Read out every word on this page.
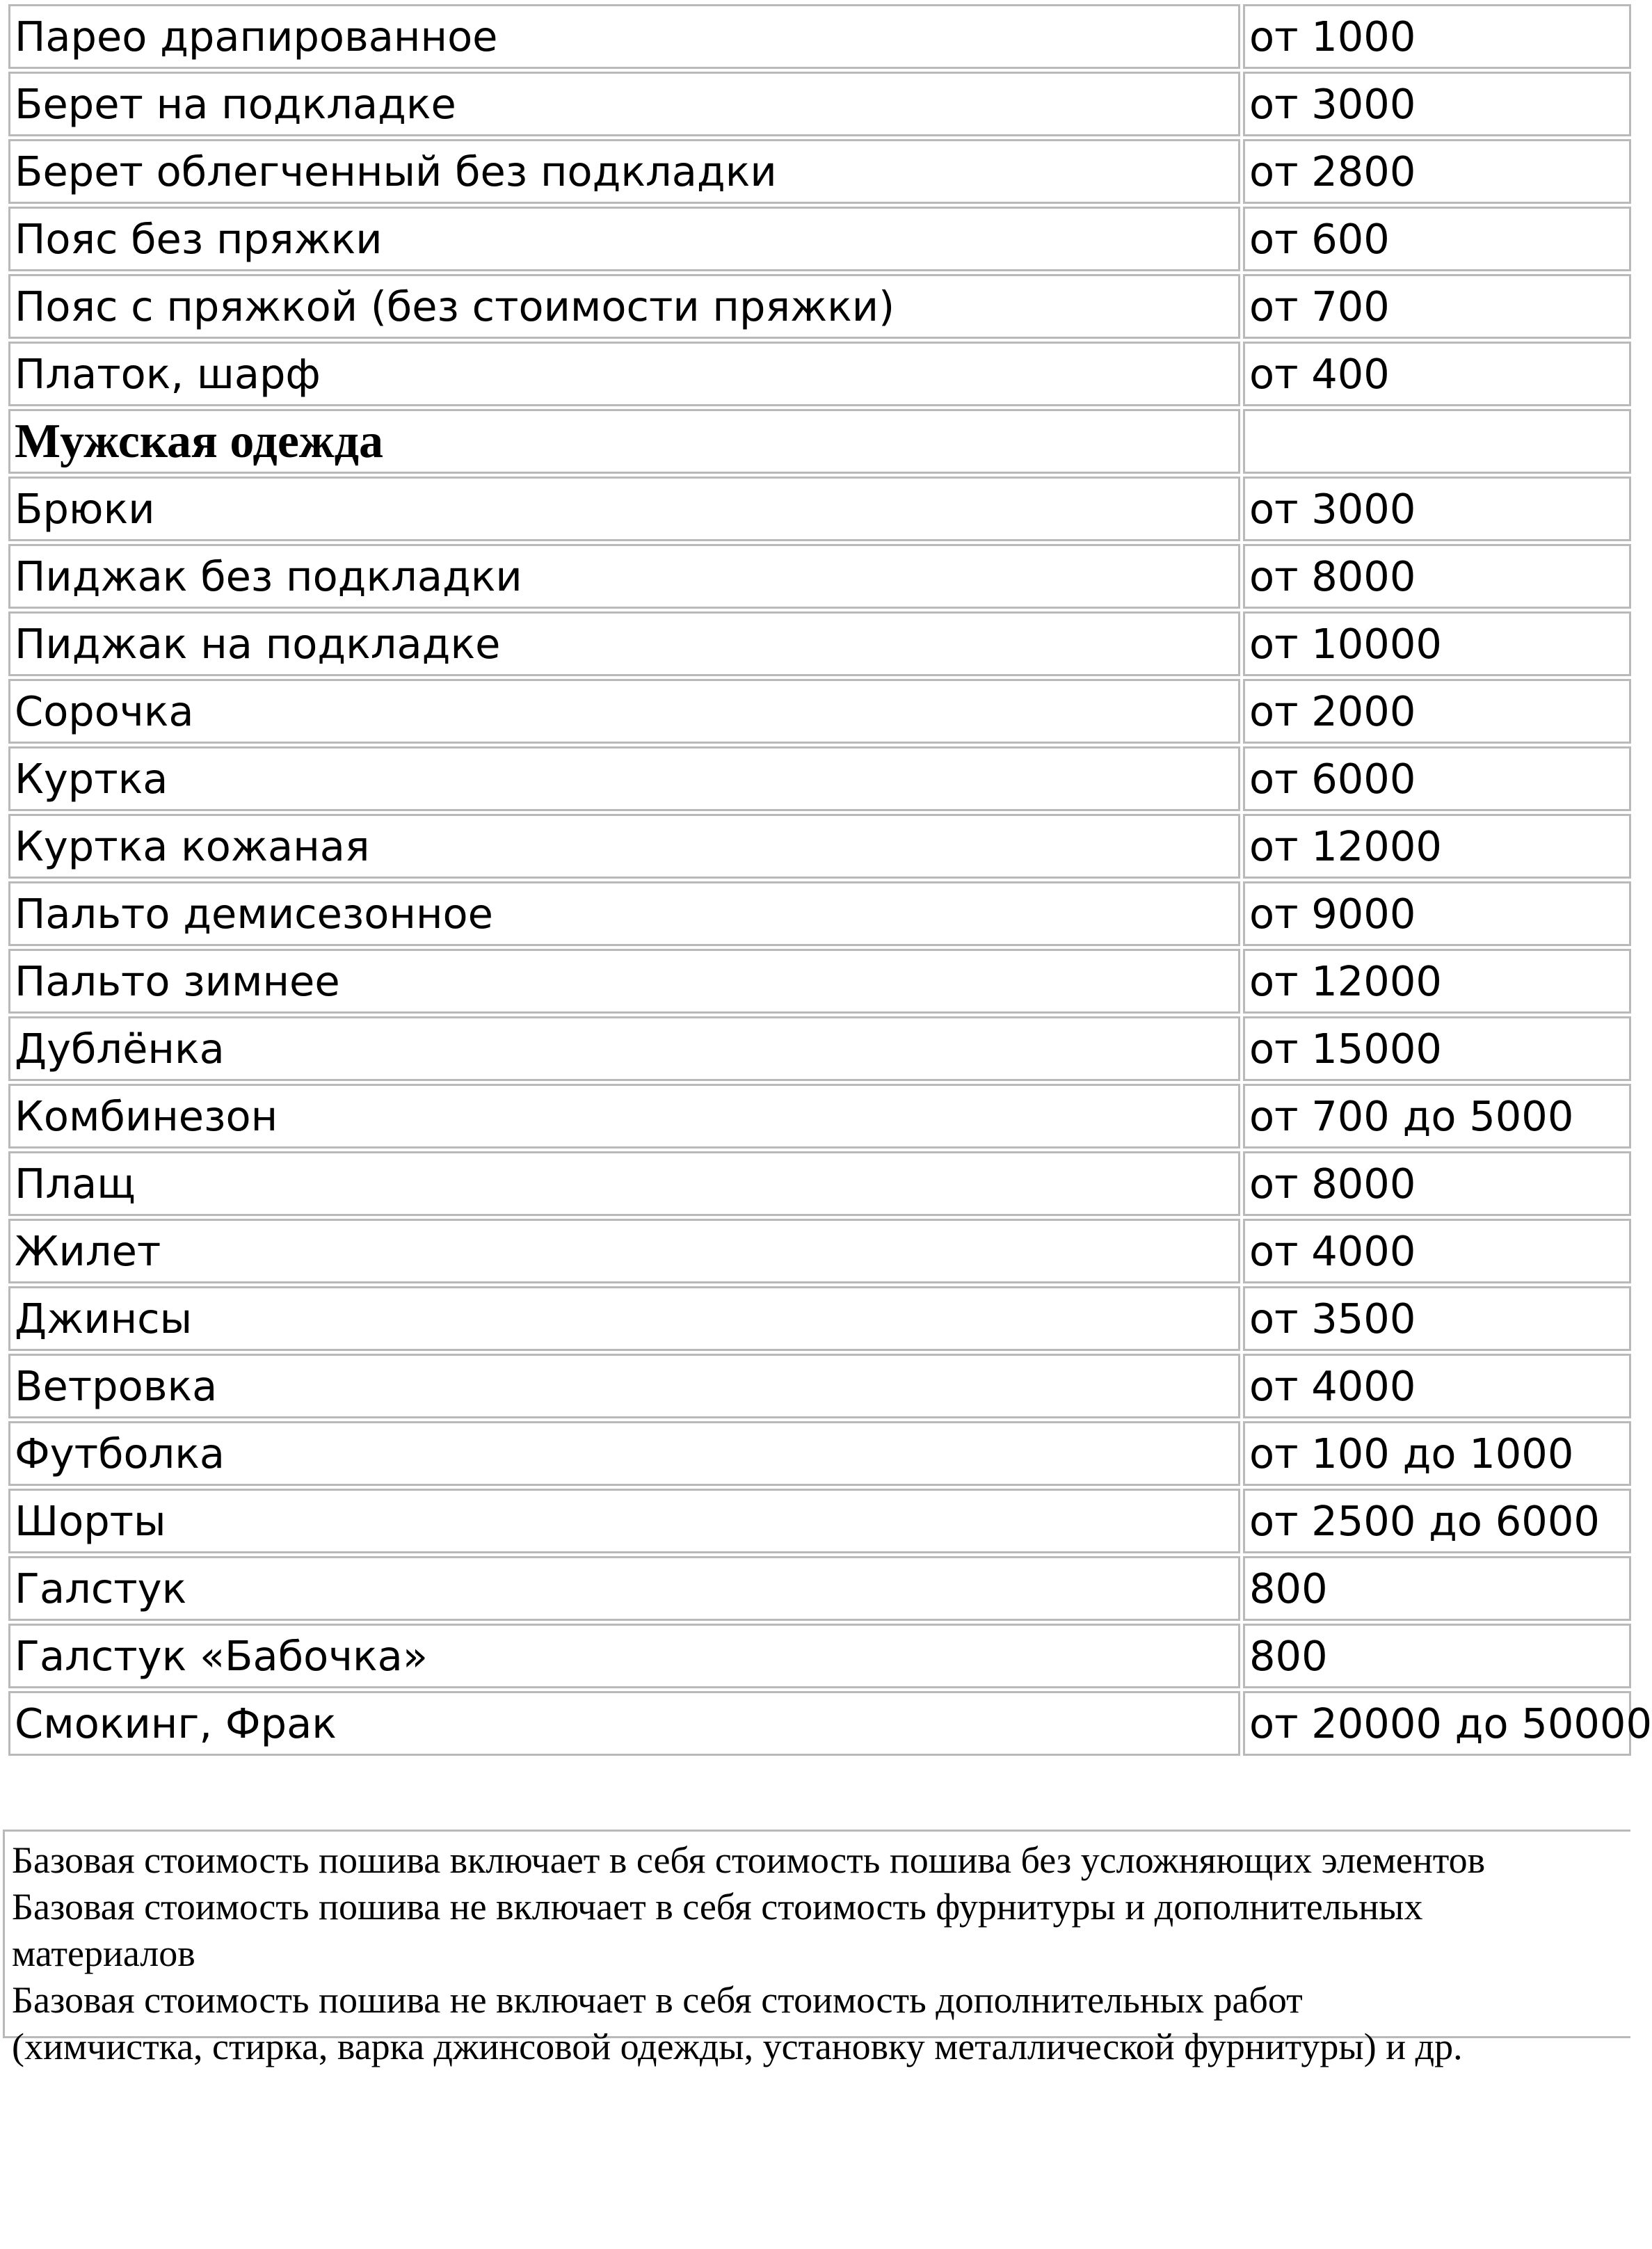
Парео драпированное	от 1000
Берет на подкладке	от 3000
Берет облегченный без подкладки	от 2800
Пояс без пряжки	от 600
Пояс с пряжкой (без стоимости пряжки)	от 700
Платок, шарф	от 400
Мужская одежда	
Брюки	от 3000
Пиджак без подкладки	от 8000
Пиджак на подкладке	от 10000
Сорочка	от 2000
Куртка	от 6000
Куртка кожаная	от 12000
Пальто демисезонное	от 9000
Пальто зимнее	от 12000
Дублёнка	от 15000
Комбинезон	от 700 до 5000
Плащ	от 8000
Жилет	от 4000
Джинсы	от 3500
Ветровка	от 4000
Футболка	от 100 до 1000
Шорты	от 2500 до 6000
Галстук	800
Галстук «Бабочка»	800
Смокинг, Фрак	от 20000 до 50000

Базовая стоимость пошива включает в себя стоимость пошива без усложняющих элементов

Базовая стоимость пошива не включает в себя стоимость фурнитуры и дополнительных

материалов

Базовая стоимость пошива не включает в себя стоимость дополнительных работ

(химчистка, стирка, варка джинсовой одежды, установку металлической фурнитуры) и др.
